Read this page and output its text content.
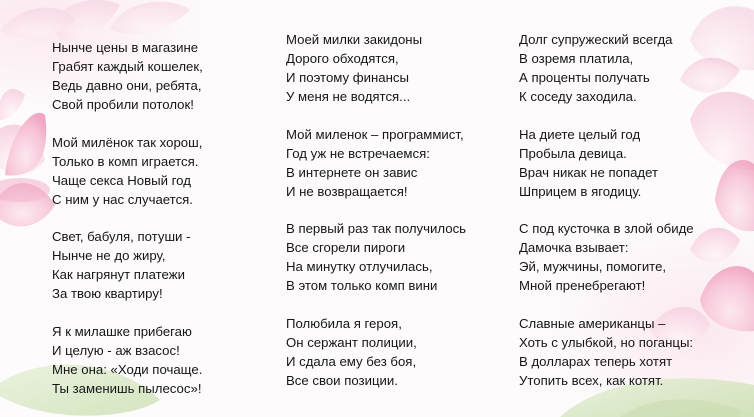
Нынче цены в магазине
Грабят каждый кошелек,
Ведь давно они, ребята,
Свой пробили потолок!
Мой милёнок так хорош,
Только в комп играется.
Чаще секса Новый год
С ним у нас случается.
Свет, бабуля, потуши -
Нынче не до жиру,
Как нагрянут платежи
За твою квартиру!
Я к милашке прибегаю
И целую - аж взасос!
Мне она: «Ходи почаще.
Ты заменишь пылесос»!
Моей милки закидоны
Дорого обходятся,
И поэтому финансы
У меня не водятся...
Мой миленок – программист,
Год уж не встречаемся:
В интернете он завис
И не возвращается!
В первый раз так получилось
Все сгорели пироги
На минутку отлучилась,
В этом только комп вини
Полюбила я героя,
Он сержант полиции,
И сдала ему без боя,
Все свои позиции.
Долг супружеский всегда
В озремя платила,
А проценты получать
К соседу заходила.
На диете целый год
Пробыла девица.
Врач никак не попадет
Шприцем в ягодицу.
С под кусточка в злой обиде
Дамочка взывает:
Эй, мужчины, помогите,
Мной пренебрегают!
Славные американцы –
Хоть с улыбкой, но поганцы:
В долларах теперь хотят
Утопить всех, как котят.
